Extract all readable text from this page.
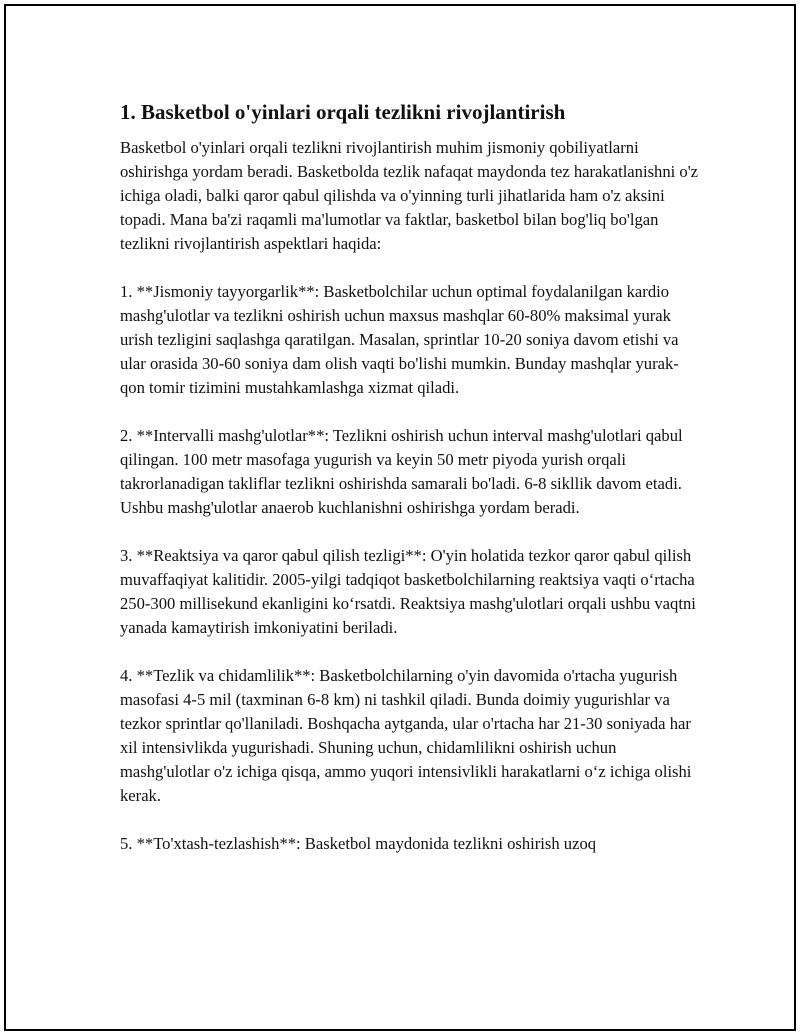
1. Basketbol o'yinlari orqali tezlikni rivojlantirish

Basketbol o'yinlari orqali tezlikni rivojlantirish muhim jismoniy qobiliyatlarni oshirishga yordam beradi. Basketbolda tezlik nafaqat maydonda tez harakatlanishni o'z ichiga oladi, balki qaror qabul qilishda va o'yinning turli jihatlarida ham o'z aksini topadi. Mana ba'zi raqamli ma'lumotlar va faktlar, basketbol bilan bog'liq bo'lgan tezlikni rivojlantirish aspektlari haqida:

1. **Jismoniy tayyorgarlik**: Basketbolchilar uchun optimal foydalanilgan kardio mashg'ulotlar va tezlikni oshirish uchun maxsus mashqlar 60-80% maksimal yurak urish tezligini saqlashga qaratilgan. Masalan, sprintlar 10-20 soniya davom etishi va ular orasida 30-60 soniya dam olish vaqti bo'lishi mumkin. Bunday mashqlar yurak-qon tomir tizimini mustahkamlashga xizmat qiladi.

2. **Intervalli mashg'ulotlar**: Tezlikni oshirish uchun interval mashg'ulotlari qabul qilingan. 100 metr masofaga yugurish va keyin 50 metr piyoda yurish orqali takrorlanadigan takliflar tezlikni oshirishda samarali bo'ladi. 6-8 sikllik davom etadi. Ushbu mashg'ulotlar anaerob kuchlanishni oshirishga yordam beradi.

3. **Reaktsiya va qaror qabul qilish tezligi**: O'yin holatida tezkor qaror qabul qilish muvaffaqiyat kalitidir. 2005-yilgi tadqiqot basketbolchilarning reaktsiya vaqti o‘rtacha 250-300 millisekund ekanligini ko‘rsatdi. Reaktsiya mashg'ulotlari orqali ushbu vaqtni yanada kamaytirish imkoniyatini beriladi.

4. **Tezlik va chidamlilik**: Basketbolchilarning o'yin davomida o'rtacha yugurish masofasi 4-5 mil (taxminan 6-8 km) ni tashkil qiladi. Bunda doimiy yugurishlar va tezkor sprintlar qo'llaniladi. Boshqacha aytganda, ular o'rtacha har 21-30 soniyada har xil intensivlikda yugurishadi. Shuning uchun, chidamlilikni oshirish uchun mashg'ulotlar o'z ichiga qisqa, ammo yuqori intensivlikli harakatlarni o‘z ichiga olishi kerak.

5. **To'xtash-tezlashish**: Basketbol maydonida tezlikni oshirish uzoq
